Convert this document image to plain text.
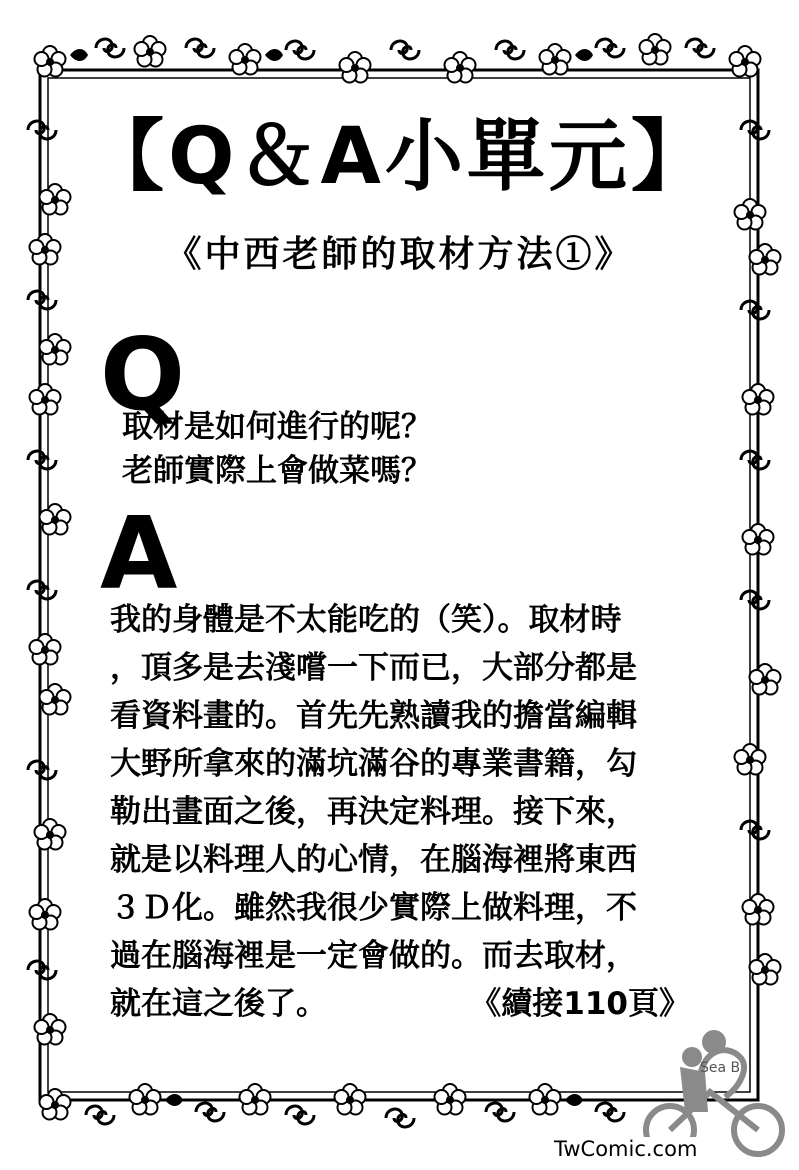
【Q＆A小單元】
《中西老師的取材方法①》
Q
取材是如何進行的呢？
老師實際上會做菜嗎？
A
我的身體是不太能吃的（笑）。取材時
，頂多是去淺嚐一下而已，大部分都是
看資料畫的。首先先熟讀我的擔當編輯
大野所拿來的滿坑滿谷的專業書籍，勾
勒出畫面之後，再決定料理。接下來，
就是以料理人的心情，在腦海裡將東西
３Ｄ化。雖然我很少實際上做料理，不
過在腦海裡是一定會做的。而去取材，
就在這之後了。	《續接110頁》
Sea B
TwComic.com
